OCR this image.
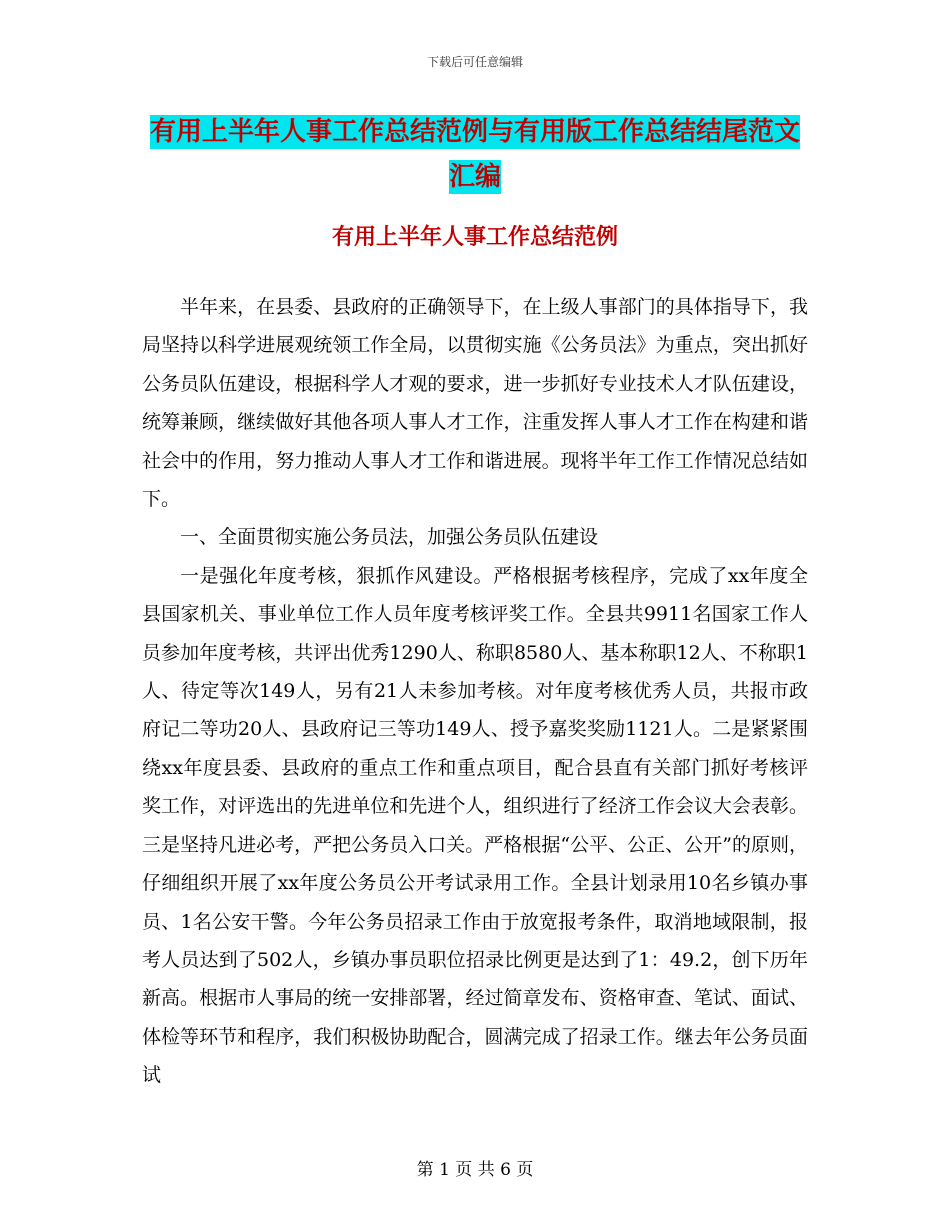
下载后可任意编辑
有用上半年人事工作总结范例与有用版工作总结结尾范文汇编
有用上半年人事工作总结范例

半年来，在县委、县政府的正确领导下，在上级人事部门的具体指导下，我局坚持以科学进展观统领工作全局，以贯彻实施《公务员法》为重点，突出抓好公务员队伍建设，根据科学人才观的要求，进一步抓好专业技术人才队伍建设，统筹兼顾，继续做好其他各项人事人才工作，注重发挥人事人才工作在构建和谐社会中的作用，努力推动人事人才工作和谐进展。现将半年工作工作情况总结如下。

一、全面贯彻实施公务员法，加强公务员队伍建设

一是强化年度考核，狠抓作风建设。严格根据考核程序，完成了xx年度全县国家机关、事业单位工作人员年度考核评奖工作。全县共9911名国家工作人员参加年度考核，共评出优秀1290人、称职8580人、基本称职12人、不称职1人、待定等次149人，另有21人未参加考核。对年度考核优秀人员，共报市政府记二等功20人、县政府记三等功149人、授予嘉奖奖励1121人。二是紧紧围绕xx年度县委、县政府的重点工作和重点项目，配合县直有关部门抓好考核评奖工作，对评选出的先进单位和先进个人，组织进行了经济工作会议大会表彰。三是坚持凡进必考，严把公务员入口关。严格根据“公平、公正、公开”的原则，仔细组织开展了xx年度公务员公开考试录用工作。全县计划录用10名乡镇办事员、1名公安干警。今年公务员招录工作由于放宽报考条件，取消地域限制，报考人员达到了502人，乡镇办事员职位招录比例更是达到了1：49.2，创下历年新高。根据市人事局的统一安排部署，经过简章发布、资格审查、笔试、面试、体检等环节和程序，我们积极协助配合，圆满完成了招录工作。继去年公务员面试

第 1 页 共 6 页
